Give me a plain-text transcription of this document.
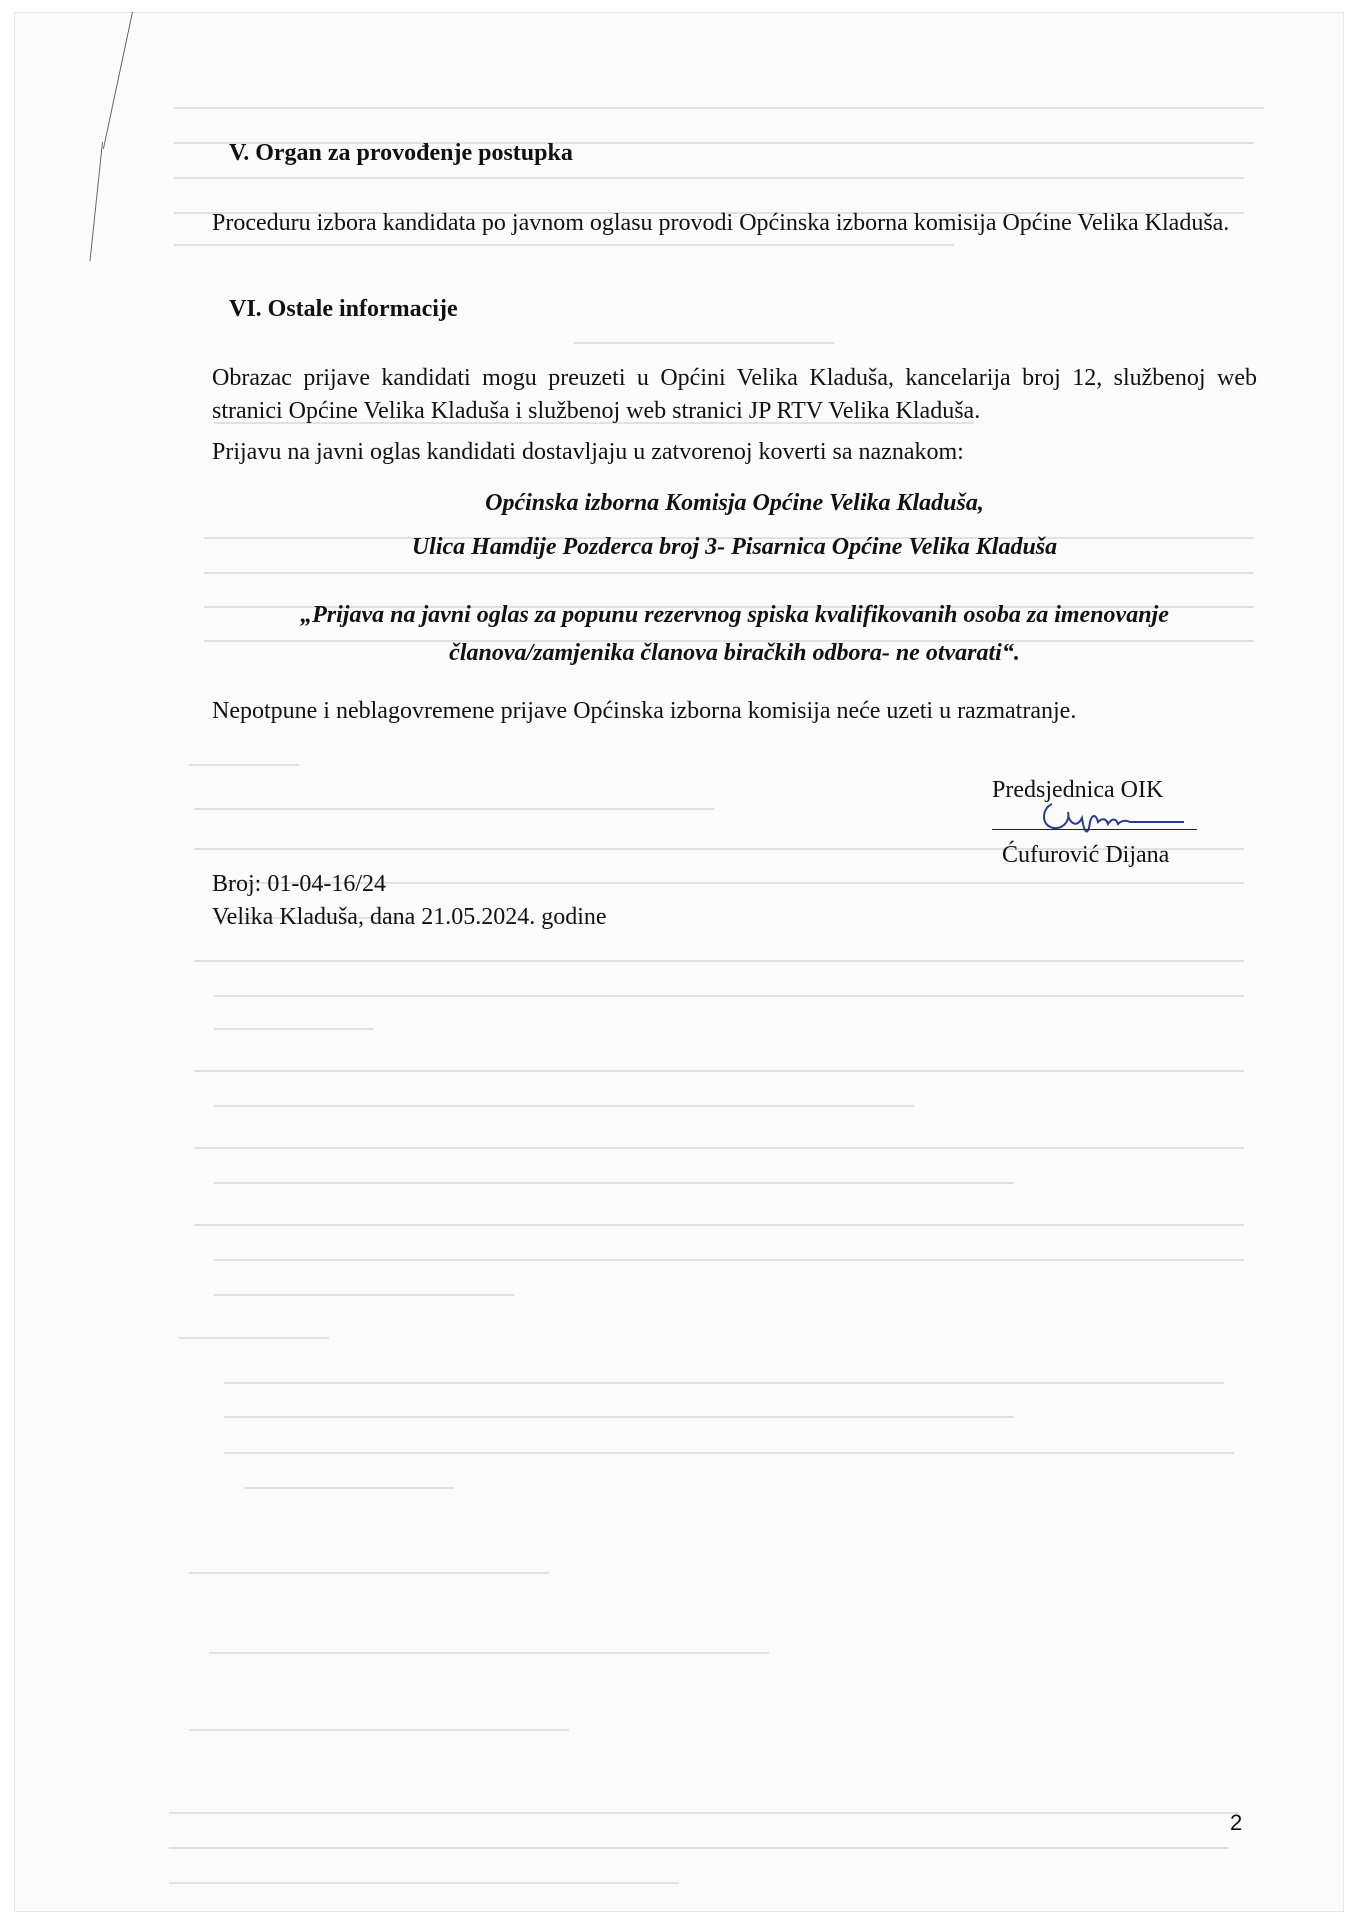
V. Organ za provođenje postupka
Proceduru izbora kandidata po javnom oglasu provodi Općinska izborna komisija Općine Velika Kladuša.
VI. Ostale informacije
Obrazac prijave kandidati mogu preuzeti u Općini Velika Kladuša, kancelarija broj 12, službenoj web stranici Općine Velika Kladuša i službenoj web stranici JP RTV Velika Kladuša.
Prijavu na javni oglas kandidati dostavljaju u zatvorenoj koverti sa naznakom:
Općinska izborna Komisja Općine Velika Kladuša,
Ulica Hamdije Pozderca broj 3- Pisarnica Općine Velika Kladuša
„Prijava na javni oglas za popunu rezervnog spiska kvalifikovanih osoba za imenovanje
članova/zamjenika članova biračkih odbora- ne otvarati“.
Nepotpune i neblagovremene prijave Općinska izborna komisija neće uzeti u razmatranje.
Predsjednica OIK
Ćufurović Dijana
Broj: 01-04-16/24
Velika Kladuša, dana 21.05.2024. godine
2
